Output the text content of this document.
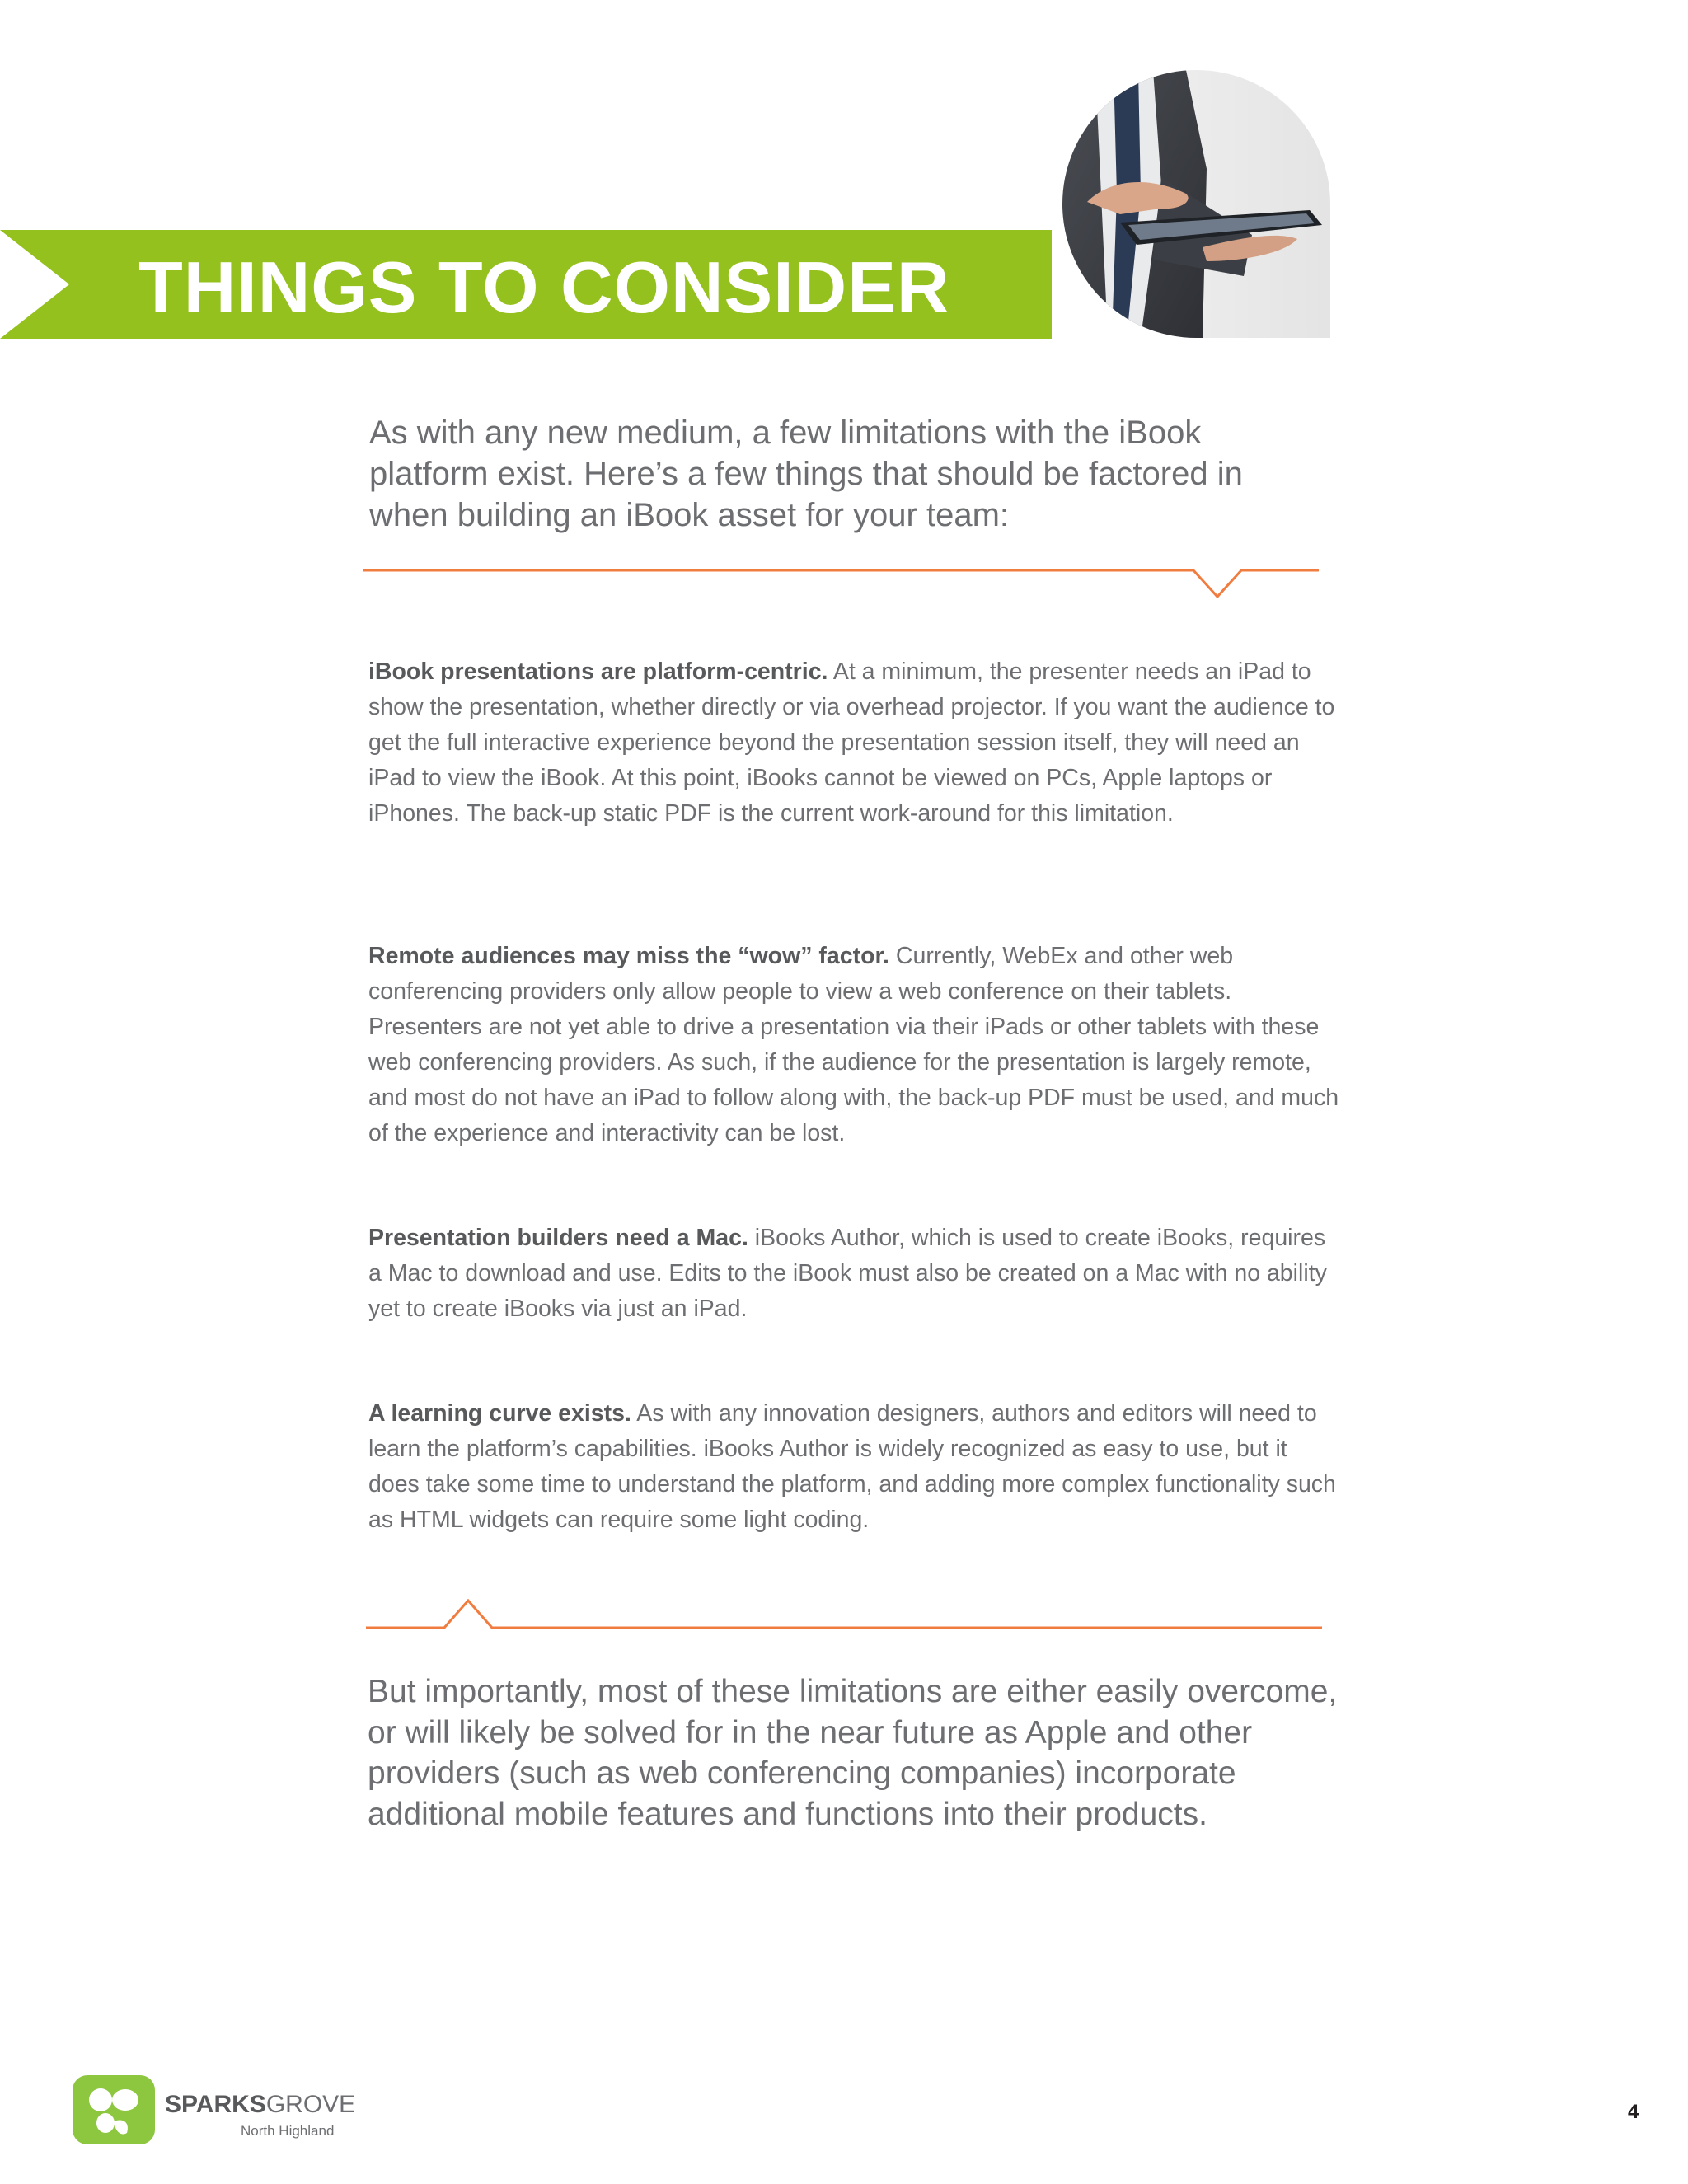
THINGS TO CONSIDER
As with any new medium, a few limitations with the iBook platform exist. Here’s a few things that should be factored in when building an iBook asset for your team:
iBook presentations are platform-centric. At a minimum, the presenter needs an iPad to show the presentation, whether directly or via overhead projector. If you want the audience to get the full interactive experience beyond the presentation session itself, they will need an iPad to view the iBook. At this point, iBooks cannot be viewed on PCs, Apple laptops or iPhones. The back-up static PDF is the current work-around for this limitation.
Remote audiences may miss the “wow” factor. Currently, WebEx and other web conferencing providers only allow people to view a web conference on their tablets. Presenters are not yet able to drive a presentation via their iPads or other tablets with these web conferencing providers. As such, if the audience for the presentation is largely remote, and most do not have an iPad to follow along with, the back-up PDF must be used, and much of the experience and interactivity can be lost.
Presentation builders need a Mac. iBooks Author, which is used to create iBooks, requires a Mac to download and use. Edits to the iBook must also be created on a Mac with no ability yet to create iBooks via just an iPad.
A learning curve exists. As with any innovation designers, authors and editors will need to learn the platform’s capabilities. iBooks Author is widely recognized as easy to use, but it does take some time to understand the platform, and adding more complex functionality such as HTML widgets can require some light coding.
But importantly, most of these limitations are either easily overcome, or will likely be solved for in the near future as Apple and other providers (such as web conferencing companies) incorporate additional mobile features and functions into their products.
SPARKSGROVE
North Highland
4
